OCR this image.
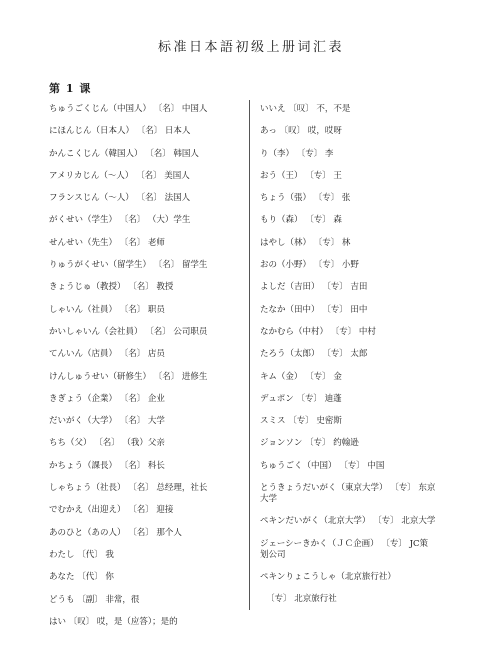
标准日本語初级上册词汇表
第 1 课
ちゅうごくじん（中国人） 〔名〕 中国人
にほんじん（日本人） 〔名〕 日本人
かんこくじん（韓国人） 〔名〕 韩国人
アメリカじん（～人） 〔名〕 美国人
フランスじん（～人） 〔名〕 法国人
がくせい（学生） 〔名〕 （大）学生
せんせい（先生） 〔名〕 老师
りゅうがくせい（留学生） 〔名〕 留学生
きょうじゅ（教授） 〔名〕 教授
しゃいん（社員） 〔名〕 职员
かいしゃいん（会社員） 〔名〕 公司职员
てんいん（店員） 〔名〕 店员
けんしゅうせい（研修生） 〔名〕 进修生
きぎょう（企業） 〔名〕 企业
だいがく（大学） 〔名〕 大学
ちち（父） 〔名〕 （我）父亲
かちょう（課長） 〔名〕 科长
しゃちょう（社長） 〔名〕 总经理，社长
でむかえ（出迎え） 〔名〕 迎接
あのひと（あの人） 〔名〕 那个人
わたし 〔代〕 我
あなた 〔代〕 你
どうも 〔副〕 非常，很
はい 〔叹〕 哎，是（应答）；是的
いいえ 〔叹〕 不，不是
あっ 〔叹〕 哎，哎呀
り（李） 〔专〕 李
おう（王） 〔专〕 王
ちょう（張） 〔专〕 张
もり（森） 〔专〕 森
はやし（林） 〔专〕 林
おの（小野） 〔专〕 小野
よしだ（吉田） 〔专〕 吉田
たなか（田中） 〔专〕 田中
なかむら（中村） 〔专〕 中村
たろう（太郎） 〔专〕 太郎
キム（金） 〔专〕 金
デュポン 〔专〕 迪蓬
スミス 〔专〕 史密斯
ジョンソン 〔专〕 约翰逊
ちゅうごく（中国） 〔专〕 中国
とうきょうだいがく（東京大学） 〔专〕 东京大学
ペキンだいがく（北京大学） 〔专〕 北京大学
ジェーシーきかく（ＪＣ企画） 〔专〕 JC策划公司
ペキンりょこうしゃ（北京旅行社）
〔专〕 北京旅行社
